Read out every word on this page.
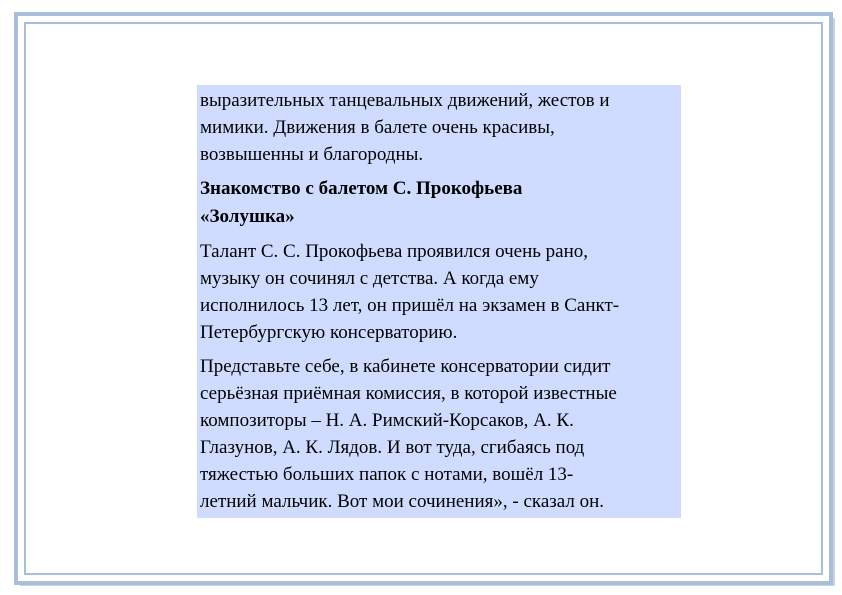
выразительных танцевальных движений, жестов и
мимики. Движения в балете очень красивы,
возвышенны и благородны.

Знакомство с балетом С. Прокофьева
«Золушка»

Талант С. С. Прокофьева проявился очень рано,
музыку он сочинял с детства. А когда ему
исполнилось 13 лет, он пришёл на экзамен в Санкт-
Петербургскую консерваторию.

Представьте себе, в кабинете консерватории сидит
серьёзная приёмная комиссия, в которой известные
композиторы – Н. А. Римский-Корсаков, А. К.
Глазунов, А. К. Лядов. И вот туда, сгибаясь под
тяжестью больших папок с нотами, вошёл 13-
летний мальчик. Вот мои сочинения», - сказал он.
